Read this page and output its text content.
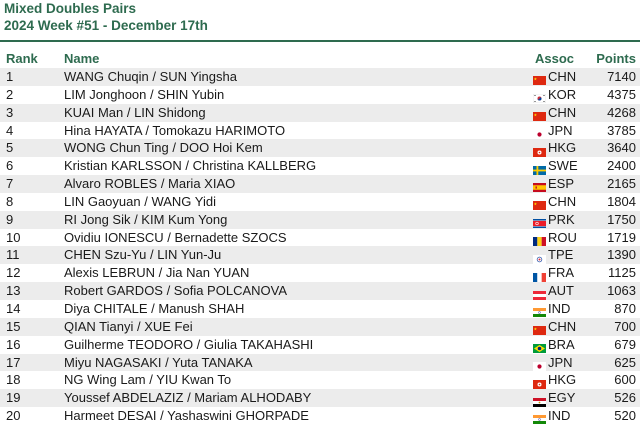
Mixed Doubles Pairs
2024 Week #51 - December 17th
Rank Name	Assoc Points
1	WANG Chuqin / SUN Yingsha	CHN 7140
2	LIM Jonghoon / SHIN Yubin	KOR 4375
3	KUAI Man / LIN Shidong	CHN 4268
4	Hina HAYATA / Tomokazu HARIMOTO	JPN	3785
5	WONG Chun Ting / DOO Hoi Kem	HKG 3640
6	Kristian KARLSSON / Christina KALLBERG	SWE 2400
7	Alvaro ROBLES / Maria XIAO	ESP	2165
8	LIN Gaoyuan / WANG Yidi	CHN 1804
9	RI Jong Sik / KIM Kum Yong	PRK 1750
10	Ovidiu IONESCU / Bernadette SZOCS	ROU 1719
11	CHEN Szu-Yu / LIN Yun-Ju	TPE	1390
12	Alexis LEBRUN / Jia Nan YUAN	FRA	1125
13	Robert GARDOS / Sofia POLCANOVA	AUT	1063
14	Diya CHITALE / Manush SHAH	IND	870
15	QIAN Tianyi / XUE Fei	CHN	700
16	Guilherme TEODORO / Giulia TAKAHASHI	BRA	679
17	Miyu NAGASAKI / Yuta TANAKA	JPN	625
18	NG Wing Lam / YIU Kwan To	HKG	600
19	Youssef ABDELAZIZ / Mariam ALHODABY	EGY	526
20	Harmeet DESAI / Yashaswini GHORPADE	IND	520
